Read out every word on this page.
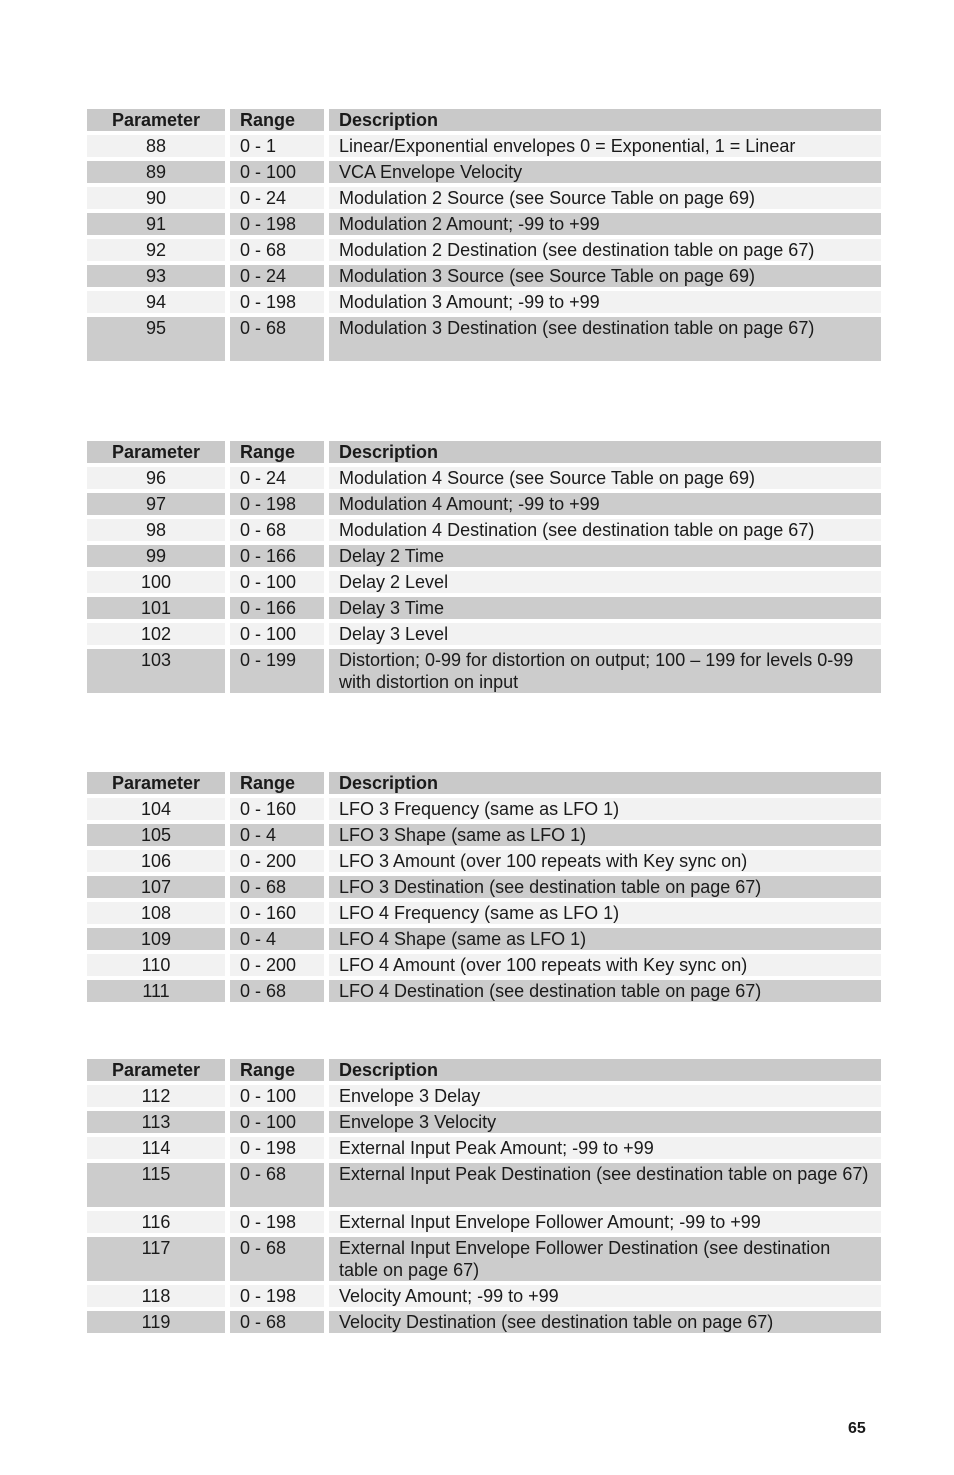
Parameter	Range	Description
88	0 - 1	Linear/Exponential envelopes 0 = Exponential, 1 = Linear
89	0 - 100	VCA Envelope Velocity
90	0 - 24	Modulation 2 Source (see Source Table on page 69)
91	0 - 198	Modulation 2 Amount; -99 to +99
92	0 - 68	Modulation 2 Destination (see destination table on page 67)
93	0 - 24	Modulation 3 Source (see Source Table on page 69)
94	0 - 198	Modulation 3 Amount; -99 to +99
95	0 - 68	Modulation 3 Destination (see destination table on page 67)
Parameter	Range	Description
96	0 - 24	Modulation 4 Source (see Source Table on page 69)
97	0 - 198	Modulation 4 Amount; -99 to +99
98	0 - 68	Modulation 4 Destination (see destination table on page 67)
99	0 - 166	Delay 2 Time
100	0 - 100	Delay 2 Level
101	0 - 166	Delay 3 Time
102	0 - 100	Delay 3 Level
103	0 - 199	Distortion; 0-99 for distortion on output; 100 – 199 for levels 0-99 with distortion on input
Parameter	Range	Description
104	0 - 160	LFO 3 Frequency (same as LFO 1)
105	0 - 4	LFO 3 Shape (same as LFO 1)
106	0 - 200	LFO 3 Amount (over 100 repeats with Key sync on)
107	0 - 68	LFO 3 Destination (see destination table on page 67)
108	0 - 160	LFO 4 Frequency (same as LFO 1)
109	0 - 4	LFO 4 Shape (same as LFO 1)
110	0 - 200	LFO 4 Amount (over 100 repeats with Key sync on)
111	0 - 68	LFO 4 Destination (see destination table on page 67)
Parameter	Range	Description
112	0 - 100	Envelope 3 Delay
113	0 - 100	Envelope 3 Velocity
114	0 - 198	External Input Peak Amount; -99 to +99
115	0 - 68	External Input Peak Destination (see destination table on page 67)
116	0 - 198	External Input Envelope Follower Amount; -99 to +99
117	0 - 68	External Input Envelope Follower Destination (see destination table on page 67)
118	0 - 198	Velocity Amount; -99 to +99
119	0 - 68	Velocity Destination (see destination table on page 67)
65
